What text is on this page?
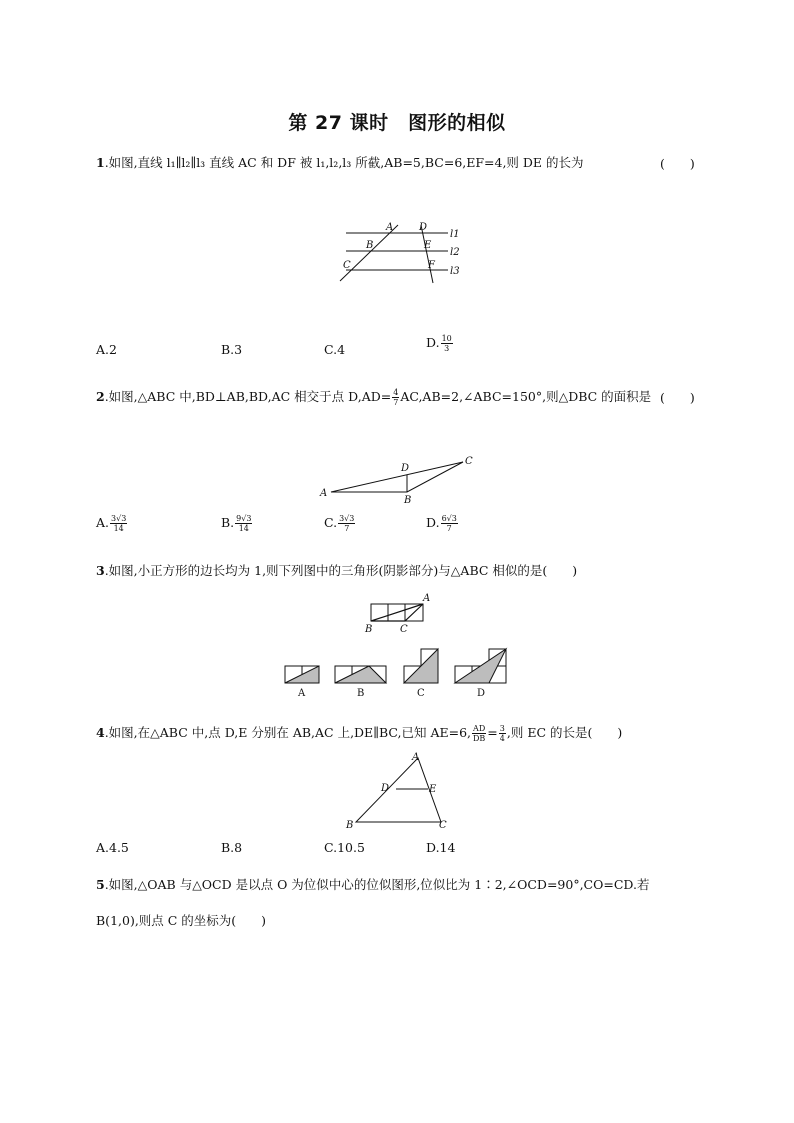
第 27 课时　图形的相似
1.如图,直线 l₁∥l₂∥l₃ 直线 AC 和 DF 被 l₁,l₂,l₃ 所截,AB=5,BC=6,EF=4,则 DE 的长为	(　　)
A	D
l1
B	E
l2
C	F
l3
A.2	B.3	C.4	D. $\frac{10}{3}$
2.如图,△ABC 中,BD⊥AB,BD,AC 相交于点 $D,AD= \frac{4}{7}$ AC,AB=2,∠ABC=150°,则△DBC 的面积是 (　　)
A
B
C
D
A. $\frac{3√3}{14}$	B. $\frac{9√3}{14}$	C. $\frac{3√3}{7}$	D. $\frac{6√3}{7}$
3.如图,小正方形的边长均为 1,则下列图中的三角形(阴影部分)与△ABC 相似的是(　　)
A
B	C
A	B	C	D
4.如图,在△ABC 中,点 D,E 分别在 AB,AC 上,DE∥BC,已知 AE=6, $\frac{AD}{DB} = \frac{3}{4}$ ,则 EC 的长是(　　)
A
D	E
B	C
A.4.5	B.8	C.10.5	D.14
5.如图,△OAB 与△OCD 是以点 O 为位似中心的位似图形,位似比为 1∶2,∠OCD=90°,CO=CD.若
B(1,0),则点 C 的坐标为(　　)
